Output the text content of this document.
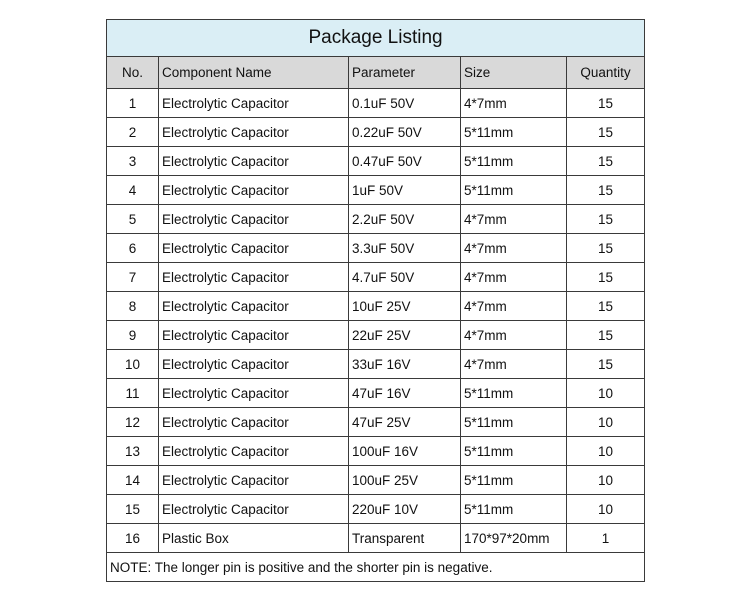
Package Listing				
No.	Component Name	Parameter	Size	Quantity
1	Electrolytic Capacitor	0.1uF 50V	4*7mm	15
2	Electrolytic Capacitor	0.22uF 50V	5*11mm	15
3	Electrolytic Capacitor	0.47uF 50V	5*11mm	15
4	Electrolytic Capacitor	1uF 50V	5*11mm	15
5	Electrolytic Capacitor	2.2uF 50V	4*7mm	15
6	Electrolytic Capacitor	3.3uF 50V	4*7mm	15
7	Electrolytic Capacitor	4.7uF 50V	4*7mm	15
8	Electrolytic Capacitor	10uF 25V	4*7mm	15
9	Electrolytic Capacitor	22uF 25V	4*7mm	15
10	Electrolytic Capacitor	33uF 16V	4*7mm	15
11	Electrolytic Capacitor	47uF 16V	5*11mm	10
12	Electrolytic Capacitor	47uF 25V	5*11mm	10
13	Electrolytic Capacitor	100uF 16V	5*11mm	10
14	Electrolytic Capacitor	100uF 25V	5*11mm	10
15	Electrolytic Capacitor	220uF 10V	5*11mm	10
16	Plastic Box	Transparent	170*97*20mm	1
NOTE: The longer pin is positive and the shorter pin is negative.				
